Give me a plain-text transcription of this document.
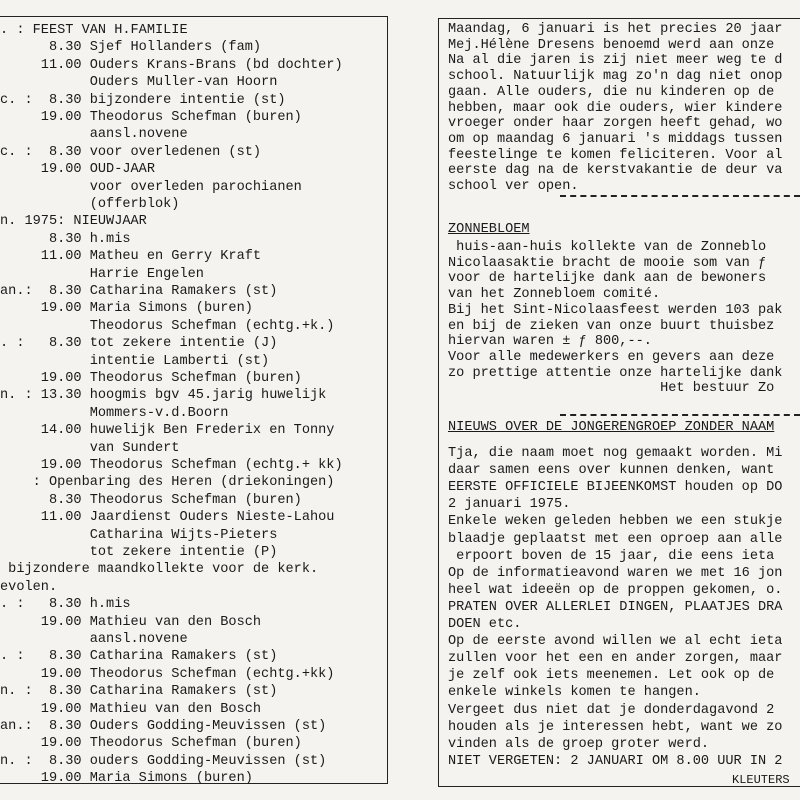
. : FEEST VAN H.FAMILIE
8.30 Sjef Hollanders (fam)
11.00 Ouders Krans-Brans (bd dochter)
Ouders Muller-van Hoorn
c. :  8.30 bijzondere intentie (st)
19.00 Theodorus Schefman (buren)
aansl.novene
c. :  8.30 voor overledenen (st)
19.00 OUD-JAAR
voor overleden parochianen
(offerblok)
n. 1975: NIEUWJAAR
8.30 h.mis
11.00 Matheu en Gerry Kraft
Harrie Engelen
an.:  8.30 Catharina Ramakers (st)
19.00 Maria Simons (buren)
Theodorus Schefman (echtg.+k.)
. :   8.30 tot zekere intentie (J)
intentie Lamberti (st)
19.00 Theodorus Schefman (buren)
n. : 13.30 hoogmis bgv 45.jarig huwelijk
Mommers-v.d.Boorn
14.00 huwelijk Ben Frederix en Tonny
van Sundert
19.00 Theodorus Schefman (echtg.+ kk)
: Openbaring des Heren (driekoningen)
8.30 Theodorus Schefman (buren)
11.00 Jaardienst Ouders Nieste-Lahou
Catharina Wijts-Pieters
tot zekere intentie (P)
bijzondere maandkollekte voor de kerk.
evolen.
. :   8.30 h.mis
19.00 Mathieu van den Bosch
aansl.novene
. :   8.30 Catharina Ramakers (st)
19.00 Theodorus Schefman (echtg.+kk)
n. :  8.30 Catharina Ramakers (st)
19.00 Mathieu van den Bosch
an.:  8.30 Ouders Godding-Meuvissen (st)
19.00 Theodorus Schefman (buren)
n. :  8.30 ouders Godding-Meuvissen (st)
19.00 Maria Simons (buren)
Maandag, 6 januari is het precies 20 jaar
Mej.Hélène Dresens benoemd werd aan onze
Na al die jaren is zij niet meer weg te d
school. Natuurlijk mag zo'n dag niet onop
gaan. Alle ouders, die nu kinderen op de
hebben, maar ook die ouders, wier kindere
vroeger onder haar zorgen heeft gehad, wo
om op maandag 6 januari 's middags tussen
feestelinge te komen feliciteren. Voor al
eerste dag na de kerstvakantie de deur va
school ver open.
ZONNEBLOEM
huis-aan-huis kollekte van de Zonneblo
Nicolaasaktie bracht de mooie som van ƒ
voor de hartelijke dank aan de bewoners
van het Zonnebloem comité.
Bij het Sint-Nicolaasfeest werden 103 pak
en bij de zieken van onze buurt thuisbez
hiervan waren ± ƒ 800,--.
Voor alle medewerkers en gevers aan deze
zo prettige attentie onze hartelijke dank
Het bestuur Zo
NIEUWS OVER DE JONGERENGROEP ZONDER NAAM
Tja, die naam moet nog gemaakt worden. Mi
daar samen eens over kunnen denken, want
EERSTE OFFICIELE BIJEENKOMST houden op DO
2 januari 1975.
Enkele weken geleden hebben we een stukje
blaadje geplaatst met een oproep aan alle
erpoort boven de 15 jaar, die eens ieta
Op de informatieavond waren we met 16 jon
heel wat ideeën op de proppen gekomen, o.
PRATEN OVER ALLERLEI DINGEN, PLAATJES DRA
DOEN etc.
Op de eerste avond willen we al echt ieta
zullen voor het een en ander zorgen, maar
je zelf ook iets meenemen. Let ook op de
enkele winkels komen te hangen.
Vergeet dus niet dat je donderdagavond 2
houden als je interessen hebt, want we zo
vinden als de groep groter werd.
NIET VERGETEN: 2 JANUARI OM 8.00 UUR IN 2
KLEUTERS
